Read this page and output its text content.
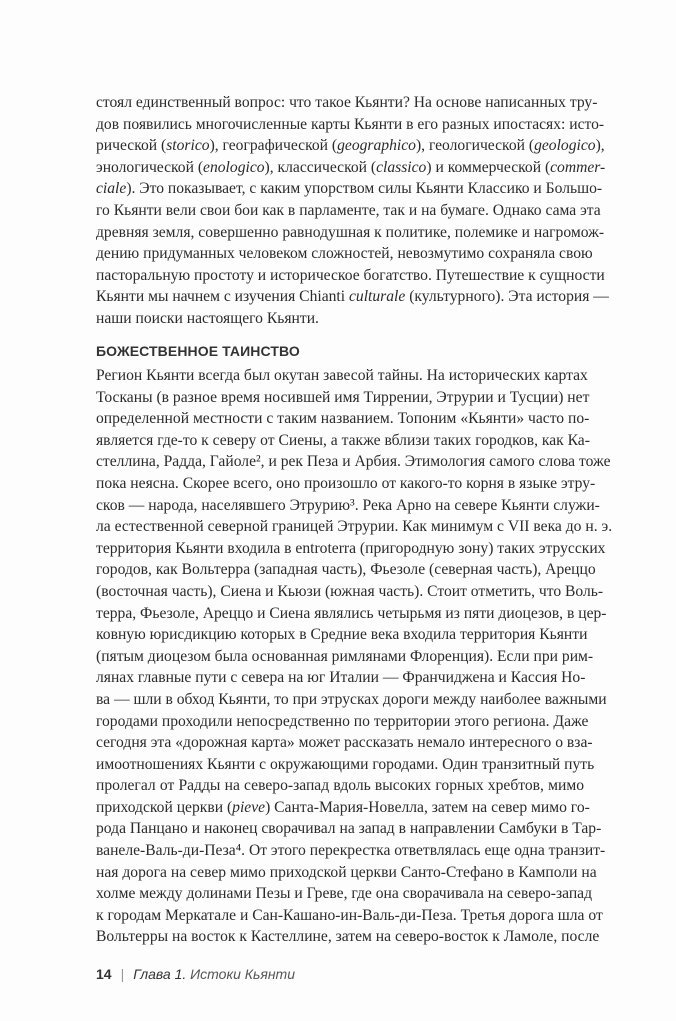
стоял единственный вопрос: что такое Кьянти? На основе написанных тру-
дов появились многочисленные карты Кьянти в его разных ипостасях: исто-
рической (storico), географической (geographico), геологической (geologico),
энологической (enologico), классической (classico) и коммерческой (commer-
ciale). Это показывает, с каким упорством силы Кьянти Классико и Большо-
го Кьянти вели свои бои как в парламенте, так и на бумаге. Однако сама эта
древняя земля, совершенно равнодушная к политике, полемике и нагромож-
дению придуманных человеком сложностей, невозмутимо сохраняла свою
пасторальную простоту и историческое богатство. Путешествие к сущности
Кьянти мы начнем с изучения Chianti culturale (культурного). Эта история —
наши поиски настоящего Кьянти.
БОЖЕСТВЕННОЕ ТАИНСТВО
Регион Кьянти всегда был окутан завесой тайны. На исторических картах
Тосканы (в разное время носившей имя Тиррении, Этрурии и Тусции) нет
определенной местности с таким названием. Топоним «Кьянти» часто по-
является где-то к северу от Сиены, а также вблизи таких городков, как Ка-
стеллина, Радда, Гайоле², и рек Пеза и Арбия. Этимология самого слова тоже
пока неясна. Скорее всего, оно произошло от какого-то корня в языке этру-
сков — народа, населявшего Этрурию³. Река Арно на севере Кьянти служи-
ла естественной северной границей Этрурии. Как минимум с VII века до н. э.
территория Кьянти входила в entroterra (пригородную зону) таких этрусских
городов, как Вольтерра (западная часть), Фьезоле (северная часть), Ареццо
(восточная часть), Сиена и Кьюзи (южная часть). Стоит отметить, что Воль-
терра, Фьезоле, Ареццо и Сиена являлись четырьмя из пяти диоцезов, в цер-
ковную юрисдикцию которых в Средние века входила территория Кьянти
(пятым диоцезом была основанная римлянами Флоренция). Если при рим-
лянах главные пути с севера на юг Италии — Франчиджена и Кассия Но-
ва — шли в обход Кьянти, то при этрусках дороги между наиболее важными
городами проходили непосредственно по территории этого региона. Даже
сегодня эта «дорожная карта» может рассказать немало интересного о вза-
имоотношениях Кьянти с окружающими городами. Один транзитный путь
пролегал от Радды на северо-запад вдоль высоких горных хребтов, мимо
приходской церкви (pieve) Санта-Мария-Новелла, затем на север мимо го-
рода Панцано и наконец сворачивал на запад в направлении Самбуки в Тар-
ванеле-Валь-ди-Пеза⁴. От этого перекрестка ответвлялась еще одна транзит-
ная дорога на север мимо приходской церкви Санто-Стефано в Камполи на
холме между долинами Пезы и Греве, где она сворачивала на северо-запад
к городам Меркатале и Сан-Кашано-ин-Валь-ди-Пеза. Третья дорога шла от
Вольтерры на восток к Кастеллине, затем на северо-восток к Ламоле, после
14 | Глава 1. Истоки Кьянти
